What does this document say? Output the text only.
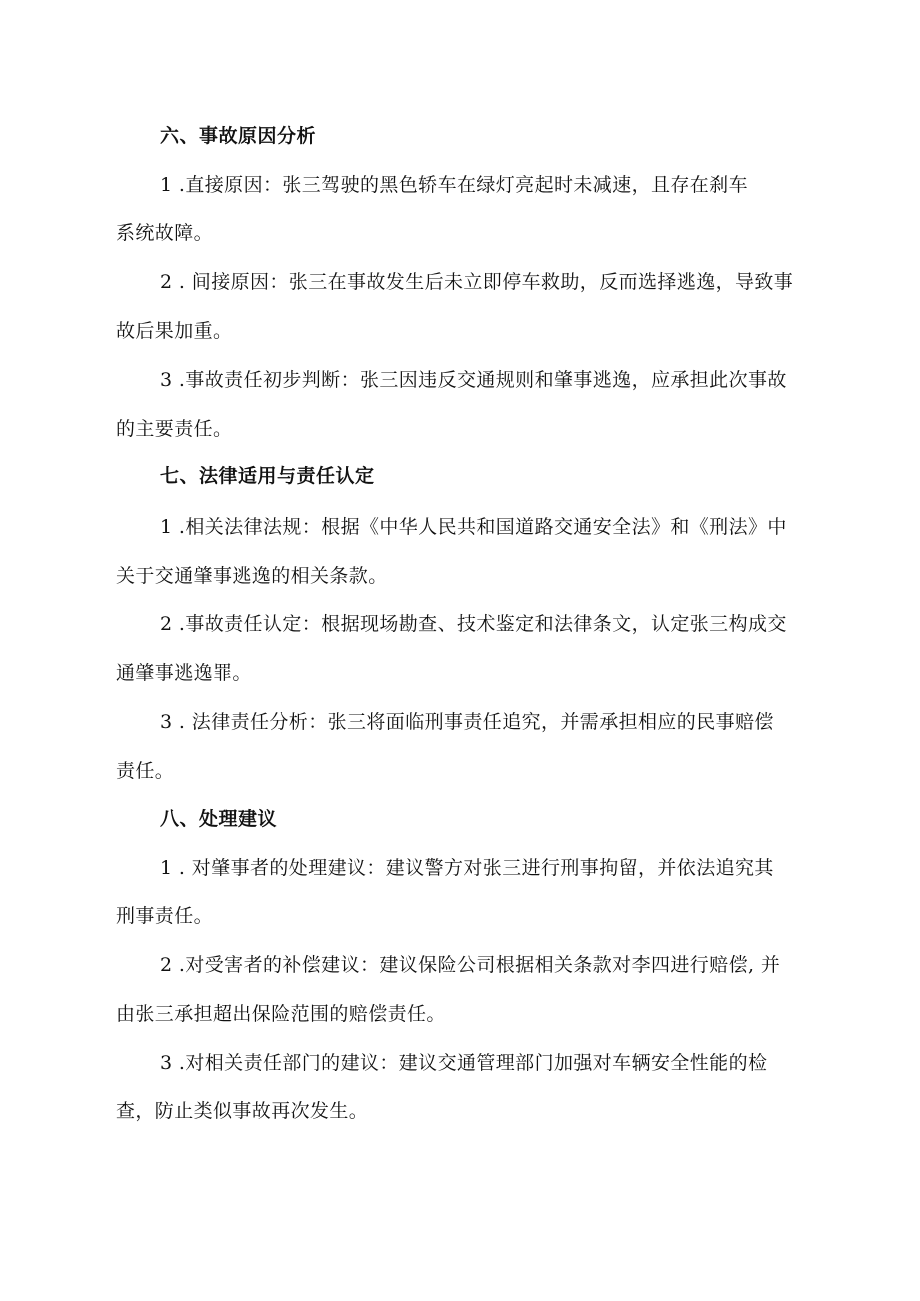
六、事故原因分析
1 .直接原因：张三驾驶的黑色轿车在绿灯亮起时未减速，且存在刹车
系统故障。
2 . 间接原因：张三在事故发生后未立即停车救助，反而选择逃逸，导致事
故后果加重。
3 .事故责任初步判断：张三因违反交通规则和肇事逃逸，应承担此次事故
的主要责任。
七、法律适用与责任认定
1 .相关法律法规：根据《中华人民共和国道路交通安全法》和《刑法》中
关于交通肇事逃逸的相关条款。
2 .事故责任认定：根据现场勘查、技术鉴定和法律条文，认定张三构成交
通肇事逃逸罪。
3 . 法律责任分析：张三将面临刑事责任追究，并需承担相应的民事赔偿
责任。
八、处理建议
1 . 对肇事者的处理建议：建议警方对张三进行刑事拘留，并依法追究其
刑事责任。
2 .对受害者的补偿建议：建议保险公司根据相关条款对李四进行赔偿, 并
由张三承担超出保险范围的赔偿责任。
3 .对相关责任部门的建议：建议交通管理部门加强对车辆安全性能的检
查，防止类似事故再次发生。
